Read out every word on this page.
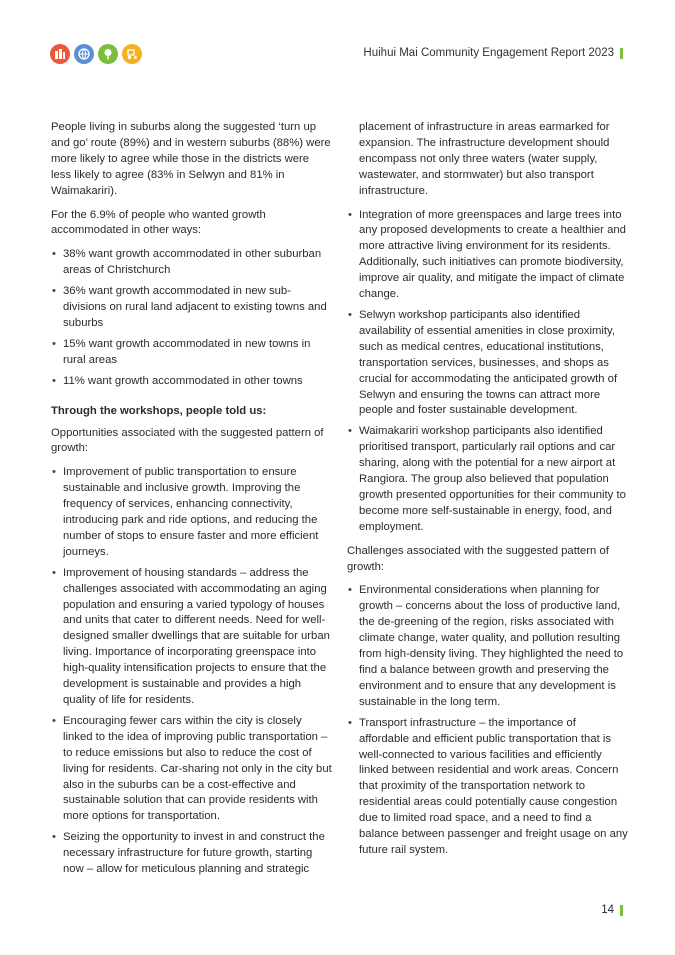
Huihui Mai Community Engagement Report 2023

People living in suburbs along the suggested ‘turn up and go’ route (89%) and in western suburbs (88%) were more likely to agree while those in the districts were less likely to agree (83% in Selwyn and 81% in Waimakariri).

For the 6.9% of people who wanted growth accommodated in other ways:

• 38% want growth accommodated in other suburban areas of Christchurch
• 36% want growth accommodated in new sub-divisions on rural land adjacent to existing towns and suburbs
• 15% want growth accommodated in new towns in rural areas
• 11% want growth accommodated in other towns

Through the workshops, people told us:

Opportunities associated with the suggested pattern of growth:

• Improvement of public transportation to ensure sustainable and inclusive growth. Improving the frequency of services, enhancing connectivity, introducing park and ride options, and reducing the number of stops to ensure faster and more efficient journeys.
• Improvement of housing standards – address the challenges associated with accommodating an aging population and ensuring a varied typology of houses and units that cater to different needs. Need for well-designed smaller dwellings that are suitable for urban living. Importance of incorporating greenspace into high-quality intensification projects to ensure that the development is sustainable and provides a high quality of life for residents.
• Encouraging fewer cars within the city is closely linked to the idea of improving public transportation – to reduce emissions but also to reduce the cost of living for residents. Car-sharing not only in the city but also in the suburbs can be a cost-effective and sustainable solution that can provide residents with more options for transportation.
• Seizing the opportunity to invest in and construct the necessary infrastructure for future growth, starting now – allow for meticulous planning and strategic

placement of infrastructure in areas earmarked for expansion. The infrastructure development should encompass not only three waters (water supply, wastewater, and stormwater) but also transport infrastructure.

• Integration of more greenspaces and large trees into any proposed developments to create a healthier and more attractive living environment for its residents. Additionally, such initiatives can promote biodiversity, improve air quality, and mitigate the impact of climate change.
• Selwyn workshop participants also identified availability of essential amenities in close proximity, such as medical centres, educational institutions, transportation services, businesses, and shops as crucial for accommodating the anticipated growth of Selwyn and ensuring the towns can attract more people and foster sustainable development.
• Waimakariri workshop participants also identified prioritised transport, particularly rail options and car sharing, along with the potential for a new airport at Rangiora. The group also believed that population growth presented opportunities for their community to become more self-sustainable in energy, food, and employment.

Challenges associated with the suggested pattern of growth:

• Environmental considerations when planning for growth – concerns about the loss of productive land, the de-greening of the region, risks associated with climate change, water quality, and pollution resulting from high-density living. They highlighted the need to find a balance between growth and preserving the environment and to ensure that any development is sustainable in the long term.
• Transport infrastructure – the importance of affordable and efficient public transportation that is well-connected to various facilities and efficiently linked between residential and work areas. Concern that proximity of the transportation network to residential areas could potentially cause congestion due to limited road space, and a need to find a balance between passenger and freight usage on any future rail system.
14
